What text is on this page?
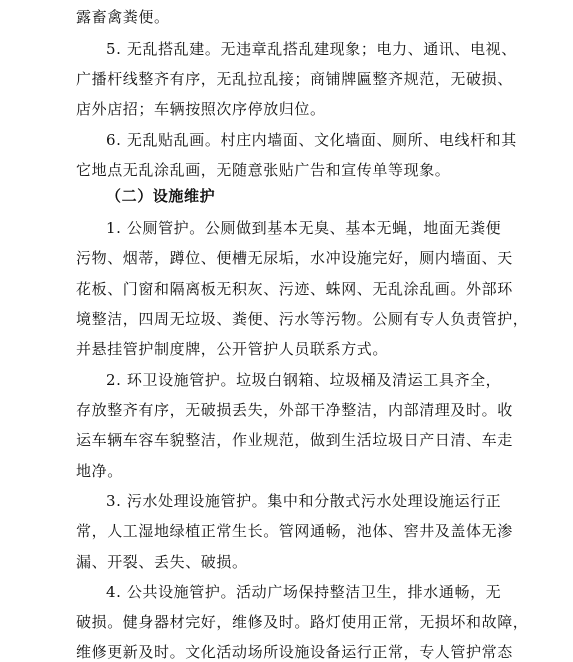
露畜禽粪便。
5. 无乱搭乱建。无违章乱搭乱建现象；电力、通讯、电视、
广播杆线整齐有序，无乱拉乱接；商铺牌匾整齐规范，无破损、
店外店招；车辆按照次序停放归位。
6. 无乱贴乱画。村庄内墙面、文化墙面、厕所、电线杆和其
它地点无乱涂乱画，无随意张贴广告和宣传单等现象。
（二）设施维护
1. 公厕管护。公厕做到基本无臭、基本无蝇，地面无粪便
污物、烟蒂，蹲位、便槽无尿垢，水冲设施完好，厕内墙面、天
花板、门窗和隔离板无积灰、污迹、蛛网、无乱涂乱画。外部环
境整洁，四周无垃圾、粪便、污水等污物。公厕有专人负责管护，
并悬挂管护制度牌，公开管护人员联系方式。
2. 环卫设施管护。垃圾白钢箱、垃圾桶及清运工具齐全，
存放整齐有序，无破损丢失，外部干净整洁，内部清理及时。收
运车辆车容车貌整洁，作业规范，做到生活垃圾日产日清、车走
地净。
3. 污水处理设施管护。集中和分散式污水处理设施运行正
常，人工湿地绿植正常生长。管网通畅，池体、窖井及盖体无渗
漏、开裂、丢失、破损。
4. 公共设施管护。活动广场保持整洁卫生，排水通畅，无
破损。健身器材完好，维修及时。路灯使用正常，无损坏和故障，
维修更新及时。文化活动场所设施设备运行正常，专人管护常态
